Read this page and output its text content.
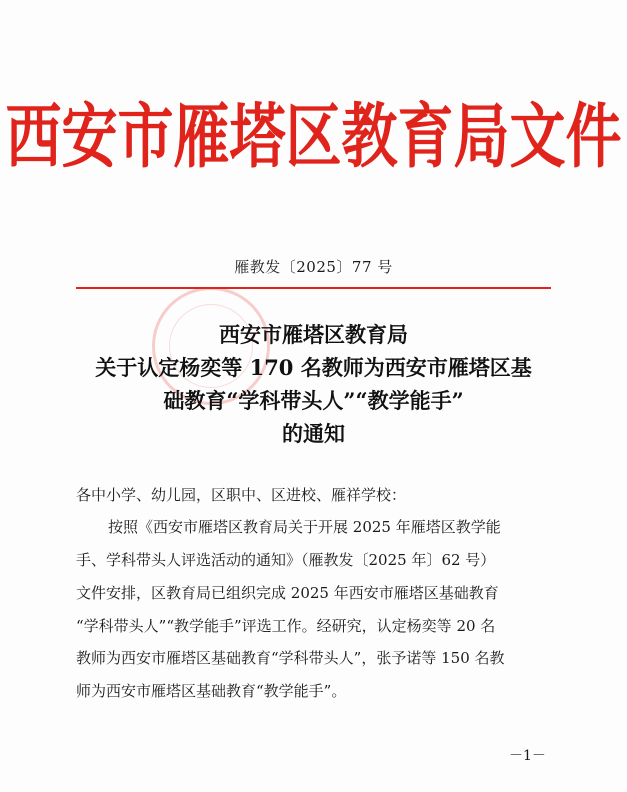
西安市雁塔区教育局文件
雁教发〔2025〕77 号
西安市雁塔区教育局
关于认定杨奕等 170 名教师为西安市雁塔区基
础教育“学科带头人”“教学能手”
的通知
各中小学、幼儿园，区职中、区进校、雁祥学校：
按照《西安市雁塔区教育局关于开展 2025 年雁塔区教学能
手、学科带头人评选活动的通知》（雁教发〔2025 年〕62 号）
文件安排，区教育局已组织完成 2025 年西安市雁塔区基础教育
“学科带头人”“教学能手”评选工作。经研究，认定杨奕等 20 名
教师为西安市雁塔区基础教育“学科带头人”，张予诺等 150 名教
师为西安市雁塔区基础教育“教学能手”。
－1－
